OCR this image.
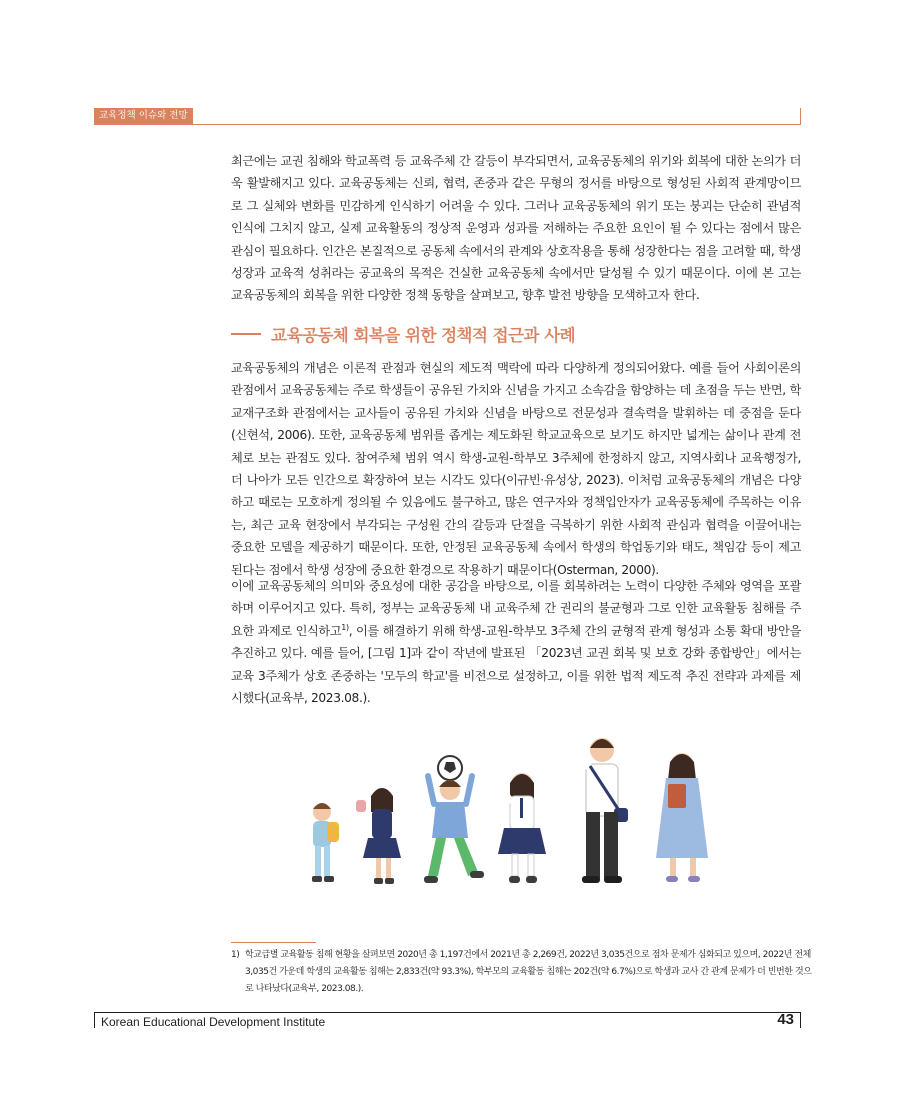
교육정책 이슈와 전망

최근에는 교권 침해와 학교폭력 등 교육주체 간 갈등이 부각되면서, 교육공동체의 위기와 회복에 대한 논의가 더욱 활발해지고 있다. 교육공동체는 신뢰, 협력, 존중과 같은 무형의 정서를 바탕으로 형성된 사회적 관계망이므로 그 실체와 변화를 민감하게 인식하기 어려울 수 있다. 그러나 교육공동체의 위기 또는 붕괴는 단순히 관념적 인식에 그치지 않고, 실제 교육활동의 정상적 운영과 성과를 저해하는 주요한 요인이 될 수 있다는 점에서 많은 관심이 필요하다. 인간은 본질적으로 공동체 속에서의 관계와 상호작용을 통해 성장한다는 점을 고려할 때, 학생 성장과 교육적 성취라는 공교육의 목적은 건실한 교육공동체 속에서만 달성될 수 있기 때문이다. 이에 본 고는 교육공동체의 회복을 위한 다양한 정책 동향을 살펴보고, 향후 발전 방향을 모색하고자 한다.

교육공동체 회복을 위한 정책적 접근과 사례

교육공동체의 개념은 이론적 관점과 현실의 제도적 맥락에 따라 다양하게 정의되어왔다. 예를 들어 사회이론의 관점에서 교육공동체는 주로 학생들이 공유된 가치와 신념을 가지고 소속감을 함양하는 데 초점을 두는 반면, 학교재구조화 관점에서는 교사들이 공유된 가치와 신념을 바탕으로 전문성과 결속력을 발휘하는 데 중점을 둔다(신현석, 2006). 또한, 교육공동체 범위를 좁게는 제도화된 학교교육으로 보기도 하지만 넓게는 삶이나 관계 전체로 보는 관점도 있다. 참여주체 범위 역시 학생-교원-학부모 3주체에 한정하지 않고, 지역사회나 교육행정가, 더 나아가 모든 인간으로 확장하여 보는 시각도 있다(이규빈·유성상, 2023). 이처럼 교육공동체의 개념은 다양하고 때로는 모호하게 정의될 수 있음에도 불구하고, 많은 연구자와 정책입안자가 교육공동체에 주목하는 이유는, 최근 교육 현장에서 부각되는 구성원 간의 갈등과 단절을 극복하기 위한 사회적 관심과 협력을 이끌어내는 중요한 모델을 제공하기 때문이다. 또한, 안정된 교육공동체 속에서 학생의 학업동기와 태도, 책임감 등이 제고된다는 점에서 학생 성장에 중요한 환경으로 작용하기 때문이다(Osterman, 2000).

이에 교육공동체의 의미와 중요성에 대한 공감을 바탕으로, 이를 회복하려는 노력이 다양한 주체와 영역을 포괄하며 이루어지고 있다. 특히, 정부는 교육공동체 내 교육주체 간 권리의 불균형과 그로 인한 교육활동 침해를 주요한 과제로 인식하고$^{1)}$, 이를 해결하기 위해 학생-교원-학부모 3주체 간의 균형적 관계 형성과 소통 확대 방안을 추진하고 있다. 예를 들어, [그림 1]과 같이 작년에 발표된 「2023년 교권 회복 및 보호 강화 종합방안」에서는 교육 3주체가 상호 존중하는 '모두의 학교'를 비전으로 설정하고, 이를 위한 법적 제도적 추진 전략과 과제를 제시했다(교육부, 2023.08.).

1) 학교급별 교육활동 침해 현황을 살펴보면 2020년 총 1,197건에서 2021년 총 2,269건, 2022년 3,035건으로 점차 문제가 심화되고 있으며, 2022년 전체 3,035건 가운데 학생의 교육활동 침해는 2,833건(약 93.3%), 학부모의 교육활동 침해는 202건(약 6.7%)으로 학생과 교사 간 관계 문제가 더 빈번한 것으로 나타났다(교육부, 2023.08.).

Korean Educational Development Institute	43
